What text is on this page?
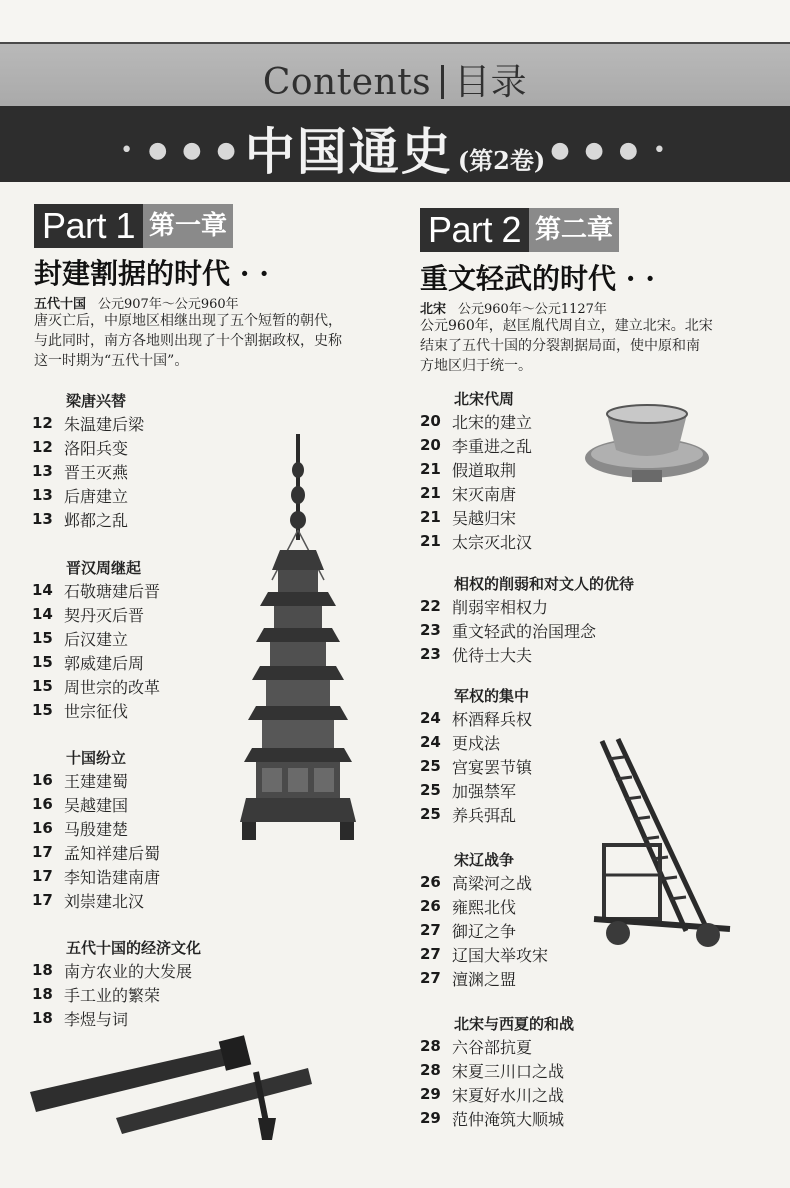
Contents 目录
• ● ● ● 中国通史 (第2卷) ● ● ● •
Part 1 第一章
封建割据的时代 · ·
五代十国 公元907年～公元960年
唐灭亡后，中原地区相继出现了五个短暂的朝代，
与此同时，南方各地则出现了十个割据政权，史称
这一时期为“五代十国”。
梁唐兴替
12 朱温建后梁
12 洛阳兵变
13 晋王灭燕
13 后唐建立
13 邺都之乱
晋汉周继起
14 石敬瑭建后晋
14 契丹灭后晋
15 后汉建立
15 郭威建后周
15 周世宗的改革
15 世宗征伐
十国纷立
16 王建建蜀
16 吴越建国
16 马殷建楚
17 孟知祥建后蜀
17 李知诰建南唐
17 刘崇建北汉
五代十国的经济文化
18 南方农业的大发展
18 手工业的繁荣
18 李煜与词
Part 2 第二章
重文轻武的时代 · ·
北宋 公元960年～公元1127年
公元960年，赵匡胤代周自立，建立北宋。北宋
结束了五代十国的分裂割据局面，使中原和南
方地区归于统一。
北宋代周
20 北宋的建立
20 李重进之乱
21 假道取荆
21 宋灭南唐
21 吴越归宋
21 太宗灭北汉
相权的削弱和对文人的优待
22 削弱宰相权力
23 重文轻武的治国理念
23 优待士大夫
军权的集中
24 杯酒释兵权
24 更戍法
25 宫宴罢节镇
25 加强禁军
25 养兵弭乱
宋辽战争
26 高梁河之战
26 雍熙北伐
27 御辽之争
27 辽国大举攻宋
27 澶渊之盟
北宋与西夏的和战
28 六谷部抗夏
28 宋夏三川口之战
29 宋夏好水川之战
29 范仲淹筑大顺城
